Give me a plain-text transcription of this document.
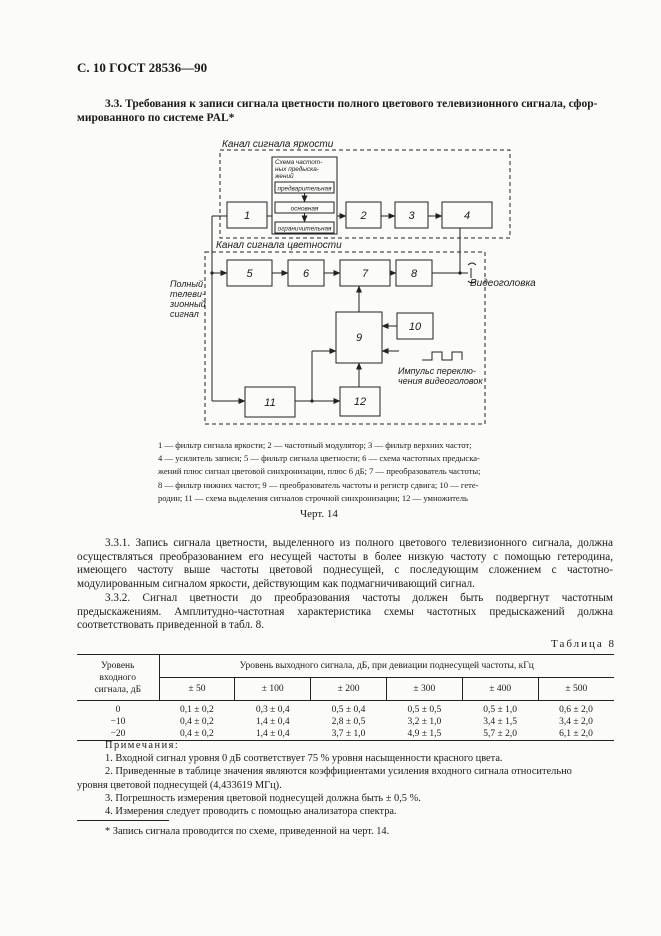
С. 10 ГОСТ 28536—90
3.3. Требования к записи сигнала цветности полного цветового телевизионного сигнала, сфор-
мированного по системе PAL*
Канал сигнала яркости
Канал сигнала цветности
Видеоголовка
Полный
телеви-
зионный
сигнал
Импульс переклю-
чения видеоголовок
Схема частот-
ных предыска-
жений
предварительная
основная
ограничительная
1	2	3	4
5	6	7	8
9
10
11	12
1 — фильтр сигнала яркости; 2 — частотный модулятор; 3 — фильтр верхних частот;
4 — усилитель записи; 5 — фильтр сигнала цветности; 6 — схема частотных предыска-
жений плюс сигнал цветовой синхронизации, плюс 6 дБ; 7 — преобразователь частоты;
8 — фильтр нижних частот; 9 — преобразователь частоты и регистр сдвига; 10 — гете-
родин; 11 — схема выделения сигналов строчной синхронизации; 12 — умножитель
Черт. 14
3.3.1. Запись сигнала цветности, выделенного из полного цветового телевизионного сигнала, должна осуществляться преобразованием его несущей частоты в более низкую частоту с помощью гетеродина, имеющего частоту выше частоты цветовой поднесущей, с последующим сложением с частотно-модулированным сигналом яркости, действующим как подмагничивающий сигнал.
3.3.2. Сигнал цветности до преобразования частоты должен быть подвергнут частотным предыскажениям. Амплитудно-частотная характеристика схемы частотных предыскажений должна соответствовать приведенной в табл. 8.
Таблица 8
Уровень
входного
сигнала, дБ	Уровень выходного сигнала, дБ, при девиации поднесущей частоты, кГц					
	± 50	± 100	± 200	± 300	± 400	± 500
0	0,1 ± 0,2	0,3 ± 0,4	0,5 ± 0,4	0,5 ± 0,5	0,5 ± 1,0	0,6 ± 2,0
−10	0,4 ± 0,2	1,4 ± 0,4	2,8 ± 0,5	3,2 ± 1,0	3,4 ± 1,5	3,4 ± 2,0
−20	0,4 ± 0,2	1,4 ± 0,4	3,7 ± 1,0	4,9 ± 1,5	5,7 ± 2,0	6,1 ± 2,0
Примечания:
1. Входной сигнал уровня 0 дБ соответствует 75 % уровня насыщенности красного цвета.
2. Приведенные в таблице значения являются коэффициентами усиления входного сигнала относительно
уровня цветовой поднесущей (4,433619 МГц).
3. Погрешность измерения цветовой поднесущей должна быть ± 0,5 %.
4. Измерения следует проводить с помощью анализатора спектра.
* Запись сигнала проводится по схеме, приведенной на черт. 14.
